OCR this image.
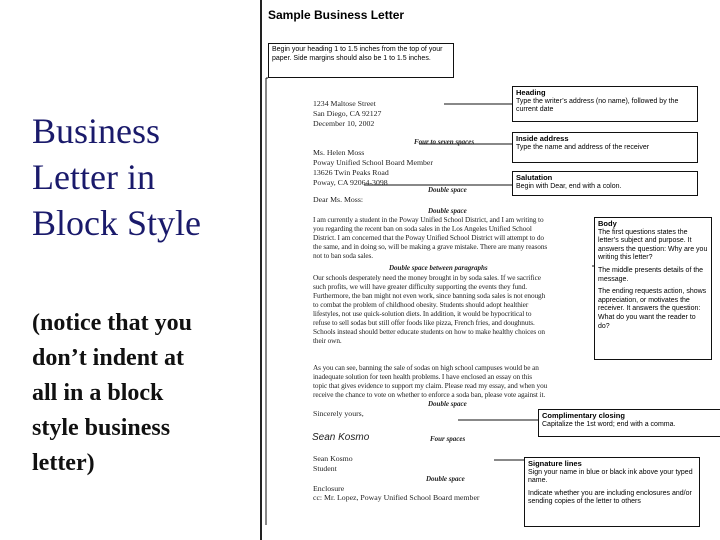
Business
Letter in
Block Style
(notice that you
don’t indent at
all in a block
style business
letter)
Sample Business Letter
Begin your heading 1 to 1.5 inches from the top of your paper. Side margins should also be 1 to 1.5 inches.
Heading
Type the writer’s address (no name), followed by the current date
Inside address
Type the name and address of the receiver
Salutation
Begin with Dear, end with a colon.
Body
The first questions states the letter’s subject and purpose. It answers the question: Why are you writing this letter?
The middle presents details of the message.
The ending requests action, shows appreciation, or motivates the receiver. It answers the question: What do you want the reader to do?
Complimentary closing
Capitalize the 1st word; end with a comma.
Signature lines
Sign your name in blue or black ink above your typed name.
Indicate whether you are including enclosures and/or sending copies of the letter to others
1234 Maltose Street
San Diego, CA 92127
December 10, 2002
Four to seven spaces
Ms. Helen Moss
Poway Unified School Board Member
13626 Twin Peaks Road
Poway, CA 92064-3098
Double space
Dear Ms. Moss:
Double space
I am currently a student in the Poway Unified School District, and I am writing to
you regarding the recent ban on soda sales in the Los Angeles Unified School
District. I am concerned that the Poway Unified School District will attempt to do
the same, and in doing so, will be making a grave mistake. There are many reasons
not to ban soda sales.
Double space between paragraphs
Our schools desperately need the money brought in by soda sales. If we sacrifice
such profits, we will have greater difficulty supporting the events they fund.
Furthermore, the ban might not even work, since banning soda sales is not enough
to combat the problem of childhood obesity. Students should adopt healthier
lifestyles, not use quick-solution diets. In addition, it would be hypocritical to
refuse to sell sodas but still offer foods like pizza, French fries, and doughnuts.
Schools instead should better educate students on how to make healthy choices on
their own.
As you can see, banning the sale of sodas on high school campuses would be an
inadequate solution for teen health problems. I have enclosed an essay on this
topic that gives evidence to support my claim. Please read my essay, and when you
receive the chance to vote on whether to enforce a soda ban, please vote against it.
Double space
Sincerely yours,
Sean Kosmo	Four spaces
Sean Kosmo
Student
Double space
Enclosure
cc: Mr. Lopez, Poway Unified School Board member
